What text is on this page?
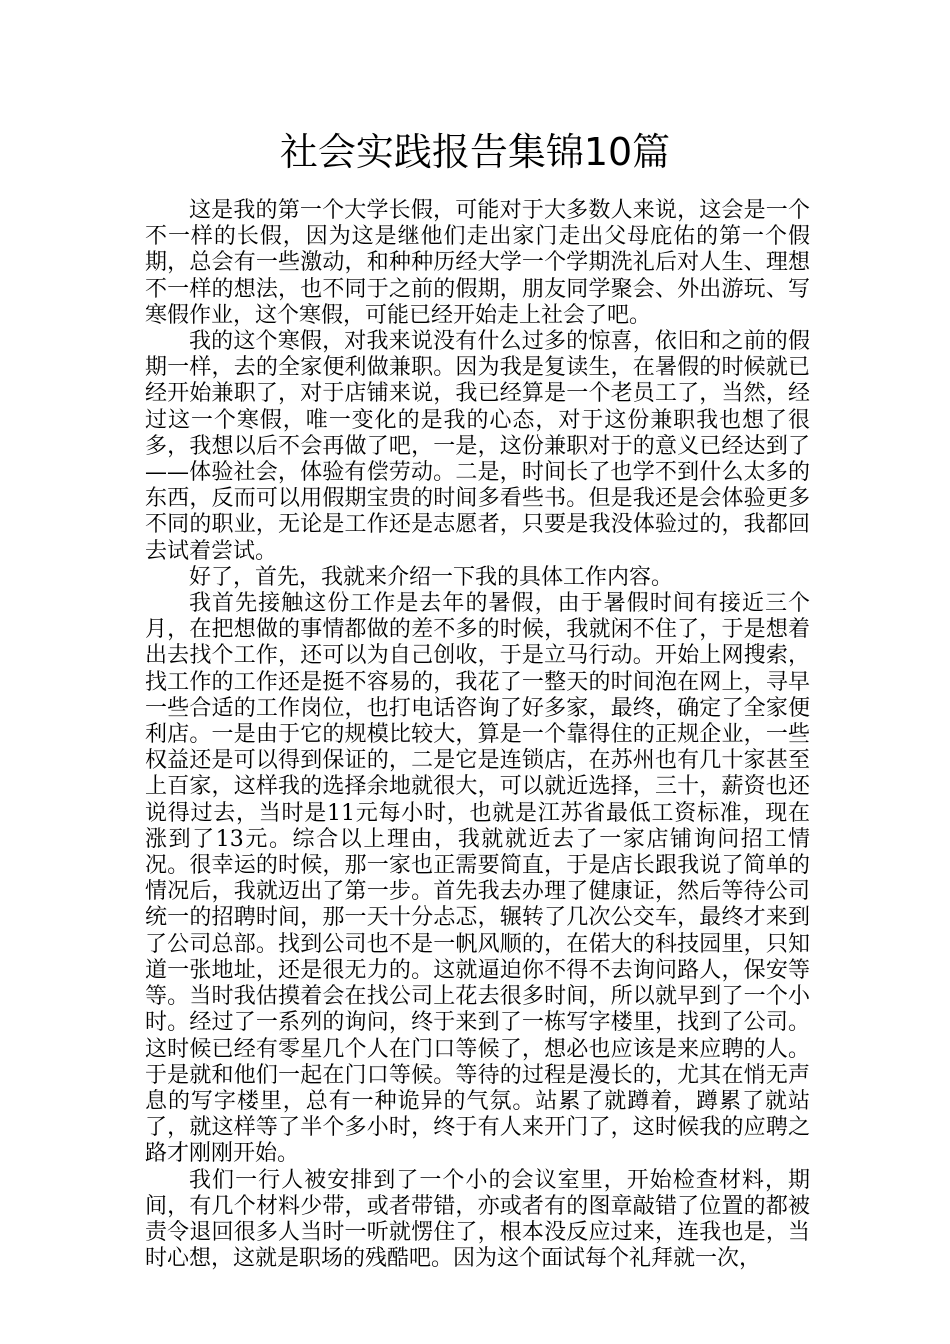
社会实践报告集锦10篇

这是我的第一个大学长假，可能对于大多数人来说，这会是一个不一样的长假，因为这是继他们走出家门走出父母庇佑的第一个假期，总会有一些激动，和种种历经大学一个学期洗礼后对人生、理想不一样的想法，也不同于之前的假期，朋友同学聚会、外出游玩、写寒假作业，这个寒假，可能已经开始走上社会了吧。

我的这个寒假，对我来说没有什么过多的惊喜，依旧和之前的假期一样，去的全家便利做兼职。因为我是复读生，在暑假的时候就已经开始兼职了，对于店铺来说，我已经算是一个老员工了，当然，经过这一个寒假，唯一变化的是我的心态，对于这份兼职我也想了很多，我想以后不会再做了吧，一是，这份兼职对于的意义已经达到了——体验社会，体验有偿劳动。二是，时间长了也学不到什么太多的东西，反而可以用假期宝贵的时间多看些书。但是我还是会体验更多不同的职业，无论是工作还是志愿者，只要是我没体验过的，我都回去试着尝试。

好了，首先，我就来介绍一下我的具体工作内容。

我首先接触这份工作是去年的暑假，由于暑假时间有接近三个月，在把想做的事情都做的差不多的时候，我就闲不住了，于是想着出去找个工作，还可以为自己创收，于是立马行动。开始上网搜索，找工作的工作还是挺不容易的，我花了一整天的时间泡在网上，寻早一些合适的工作岗位，也打电话咨询了好多家，最终，确定了全家便利店。一是由于它的规模比较大，算是一个靠得住的正规企业，一些权益还是可以得到保证的，二是它是连锁店，在苏州也有几十家甚至上百家，这样我的选择余地就很大，可以就近选择，三十，薪资也还说得过去，当时是11元每小时，也就是江苏省最低工资标准，现在涨到了13元。综合以上理由，我就就近去了一家店铺询问招工情况。很幸运的时候，那一家也正需要简直，于是店长跟我说了简单的情况后，我就迈出了第一步。首先我去办理了健康证，然后等待公司统一的招聘时间，那一天十分忐忑，辗转了几次公交车，最终才来到了公司总部。找到公司也不是一帆风顺的，在偌大的科技园里，只知道一张地址，还是很无力的。这就逼迫你不得不去询问路人，保安等等。当时我估摸着会在找公司上花去很多时间，所以就早到了一个小时。经过了一系列的询问，终于来到了一栋写字楼里，找到了公司。这时候已经有零星几个人在门口等候了，想必也应该是来应聘的人。于是就和他们一起在门口等候。等待的过程是漫长的，尤其在悄无声息的写字楼里，总有一种诡异的气氛。站累了就蹲着，蹲累了就站了，就这样等了半个多小时，终于有人来开门了，这时候我的应聘之路才刚刚开始。

我们一行人被安排到了一个小的会议室里，开始检查材料，期间，有几个材料少带，或者带错，亦或者有的图章敲错了位置的都被责令退回很多人当时一听就愣住了，根本没反应过来，连我也是，当时心想，这就是职场的残酷吧。因为这个面试每个礼拜就一次，
